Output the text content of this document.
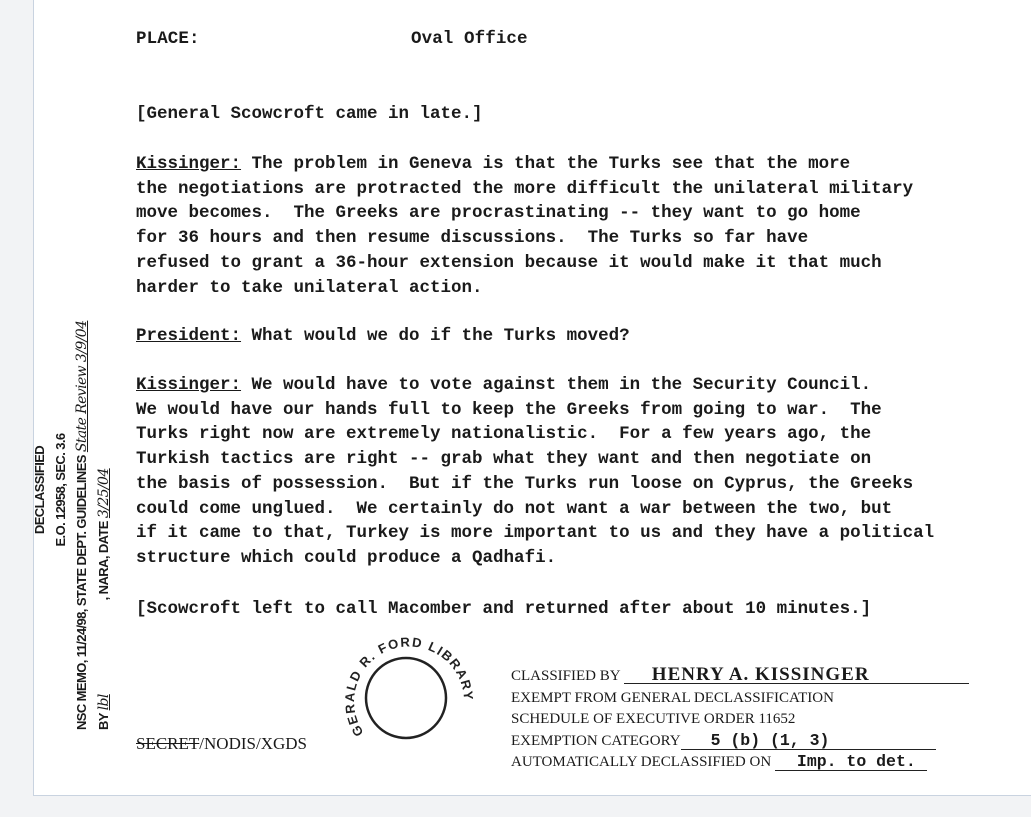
PLACE:	Oval Office
[General Scowcroft came in late.]
Kissinger: The problem in Geneva is that the Turks see that the more
the negotiations are protracted the more difficult the unilateral military
move becomes.  The Greeks are procrastinating -- they want to go home
for 36 hours and then resume discussions.  The Turks so far have
refused to grant a 36-hour extension because it would make it that much
harder to take unilateral action.
President: What would we do if the Turks moved?
Kissinger: We would have to vote against them in the Security Council.
We would have our hands full to keep the Greeks from going to war.  The
Turks right now are extremely nationalistic.  For a few years ago, the
Turkish tactics are right -- grab what they want and then negotiate on
the basis of possession.  But if the Turks run loose on Cyprus, the Greeks
could come unglued.  We certainly do not want a war between the two, but
if it came to that, Turkey is more important to us and they have a political
structure which could produce a Qadhafi.
[Scowcroft left to call Macomber and returned after about 10 minutes.]
DECLASSIFIED E.O. 12958, SEC. 3.6 NSC MEMO, 11/24/98, STATE DEPT. GUIDELINES State Review 3/9/04
BY lbl, NARA, DATE 3/25/04
GERALD R. FORD LIBRARY
SECRET/NODIS/XGDS
CLASSIFIED BY HENRY A. KISSINGER
EXEMPT FROM GENERAL DECLASSIFICATION
SCHEDULE OF EXECUTIVE ORDER 11652
EXEMPTION CATEGORY 5 (b) (1, 3)
AUTOMATICALLY DECLASSIFIED ON Imp. to det.
